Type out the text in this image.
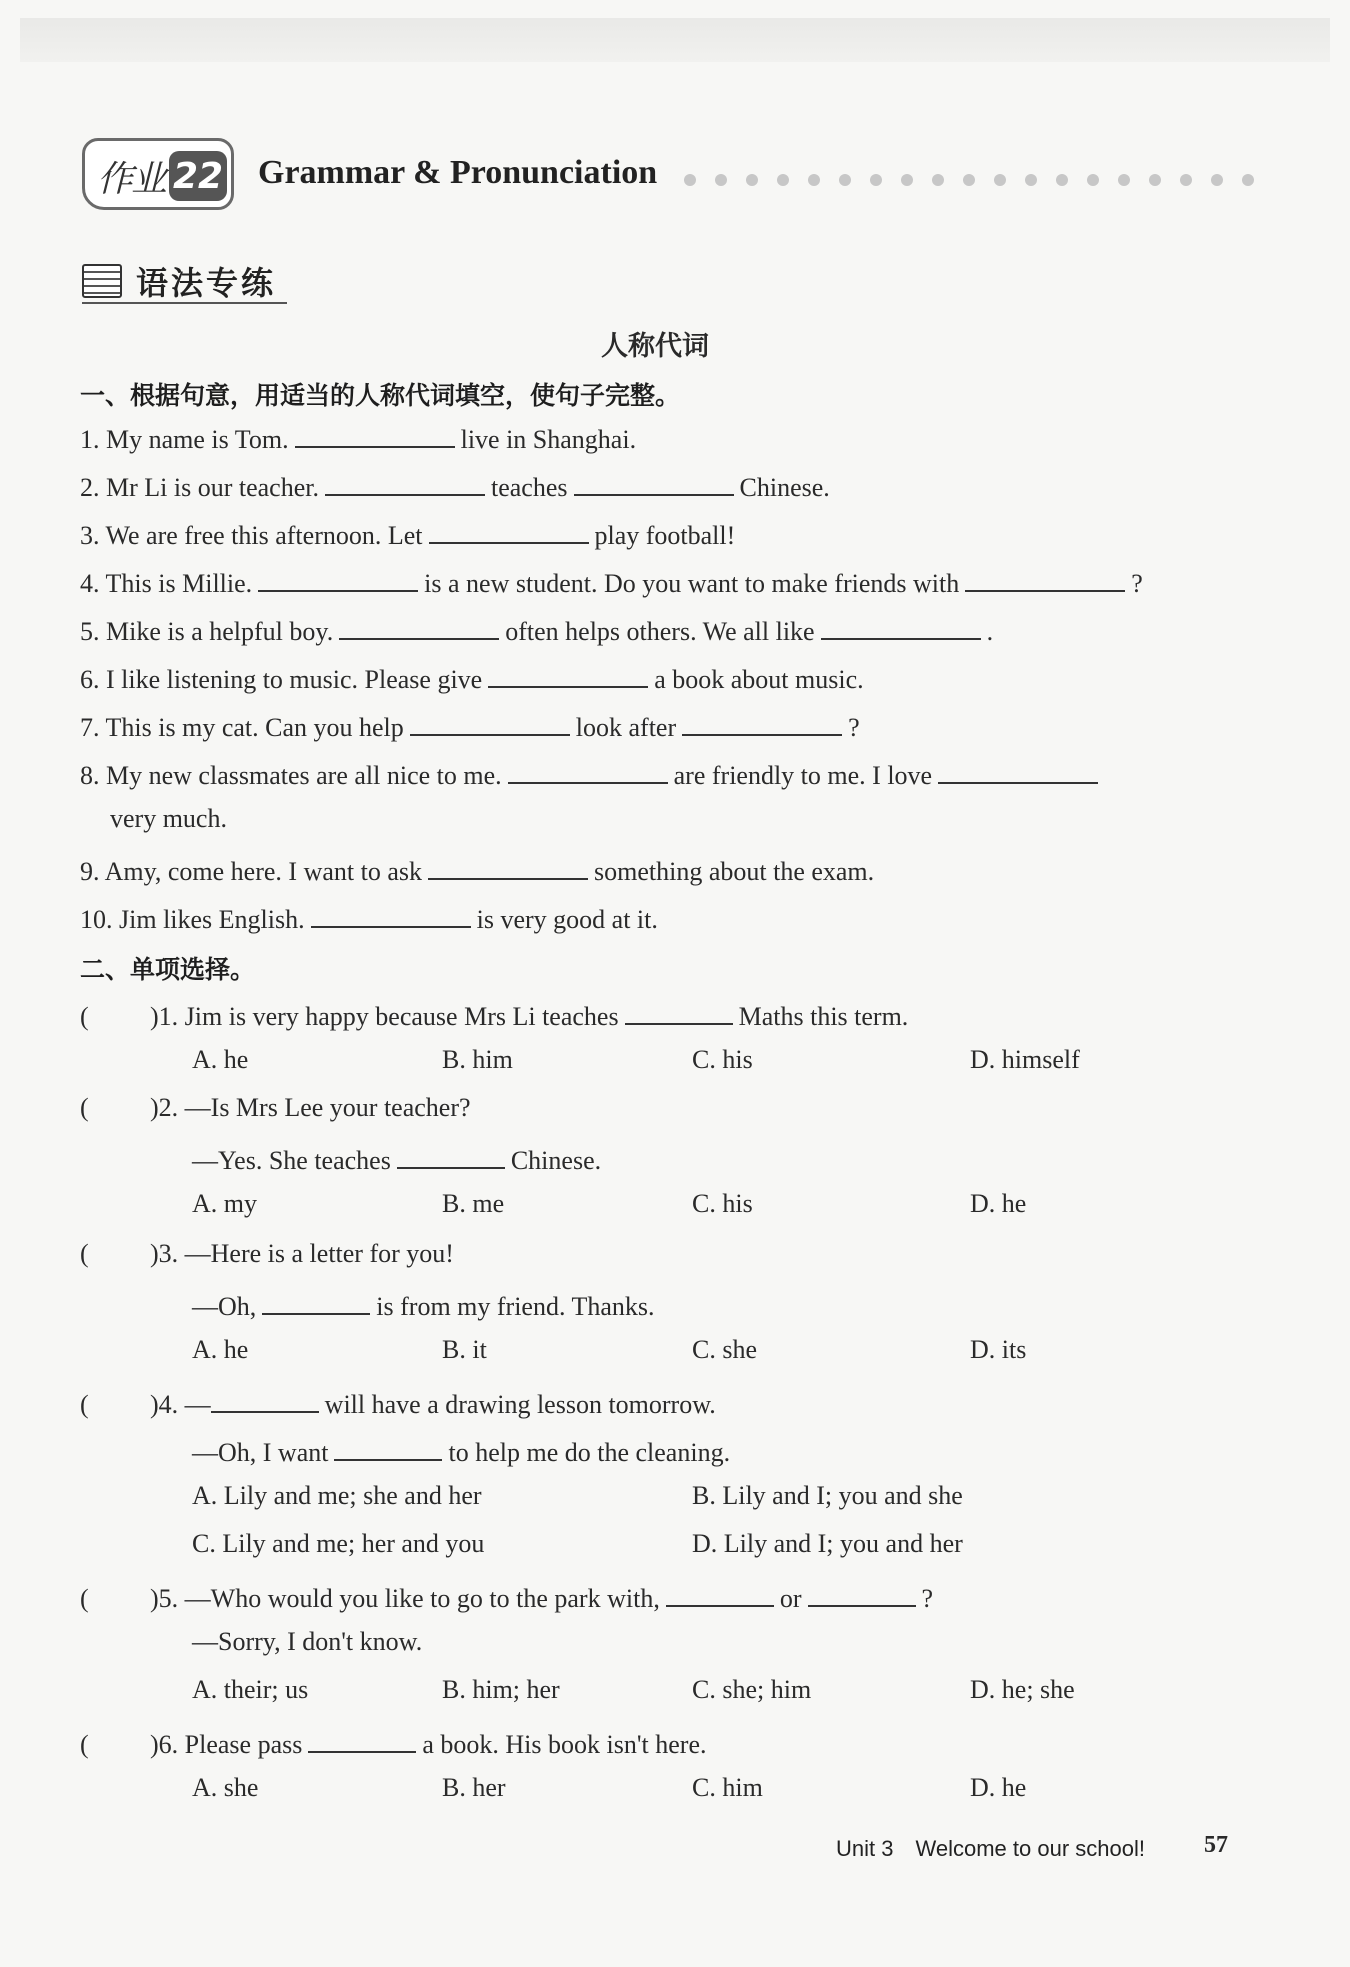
作业 22 Grammar & Pronunciation
语法专练
人称代词
一、根据句意，用适当的人称代词填空，使句子完整。
1. My name is Tom.	live in Shanghai.
2. Mr Li is our teacher.	teaches	Chinese.
3. We are free this afternoon. Let	play football!
4. This is Millie.	is a new student. Do you want to make friends with	?
5. Mike is a helpful boy.	often helps others. We all like	.
6. I like listening to music. Please give	a book about music.
7. This is my cat. Can you help	look after	?
8. My new classmates are all nice to me.	are friendly to me. I love
very much.
9. Amy, come here. I want to ask	something about the exam.
10. Jim likes English.	is very good at it.
二、单项选择。
( )1. Jim is very happy because Mrs Li teaches	Maths this term.
A. he	B. him	C. his	D. himself
( )2. —Is Mrs Lee your teacher?
—Yes. She teaches	Chinese.
A. my	B. me	C. his	D. he
( )3. —Here is a letter for you!
—Oh,	is from my friend. Thanks.
A. he	B. it	C. she	D. its
( )4. —	will have a drawing lesson tomorrow.
—Oh, I want	to help me do the cleaning.
A. Lily and me; she and her	B. Lily and I; you and she
C. Lily and me; her and you	D. Lily and I; you and her
( )5. —Who would you like to go to the park with,	or	?
—Sorry, I don't know.
A. their; us	B. him; her	C. she; him	D. he; she
( )6. Please pass	a book. His book isn't here.
A. she	B. her	C. him	D. he
Unit 3 Welcome to our school! 57
